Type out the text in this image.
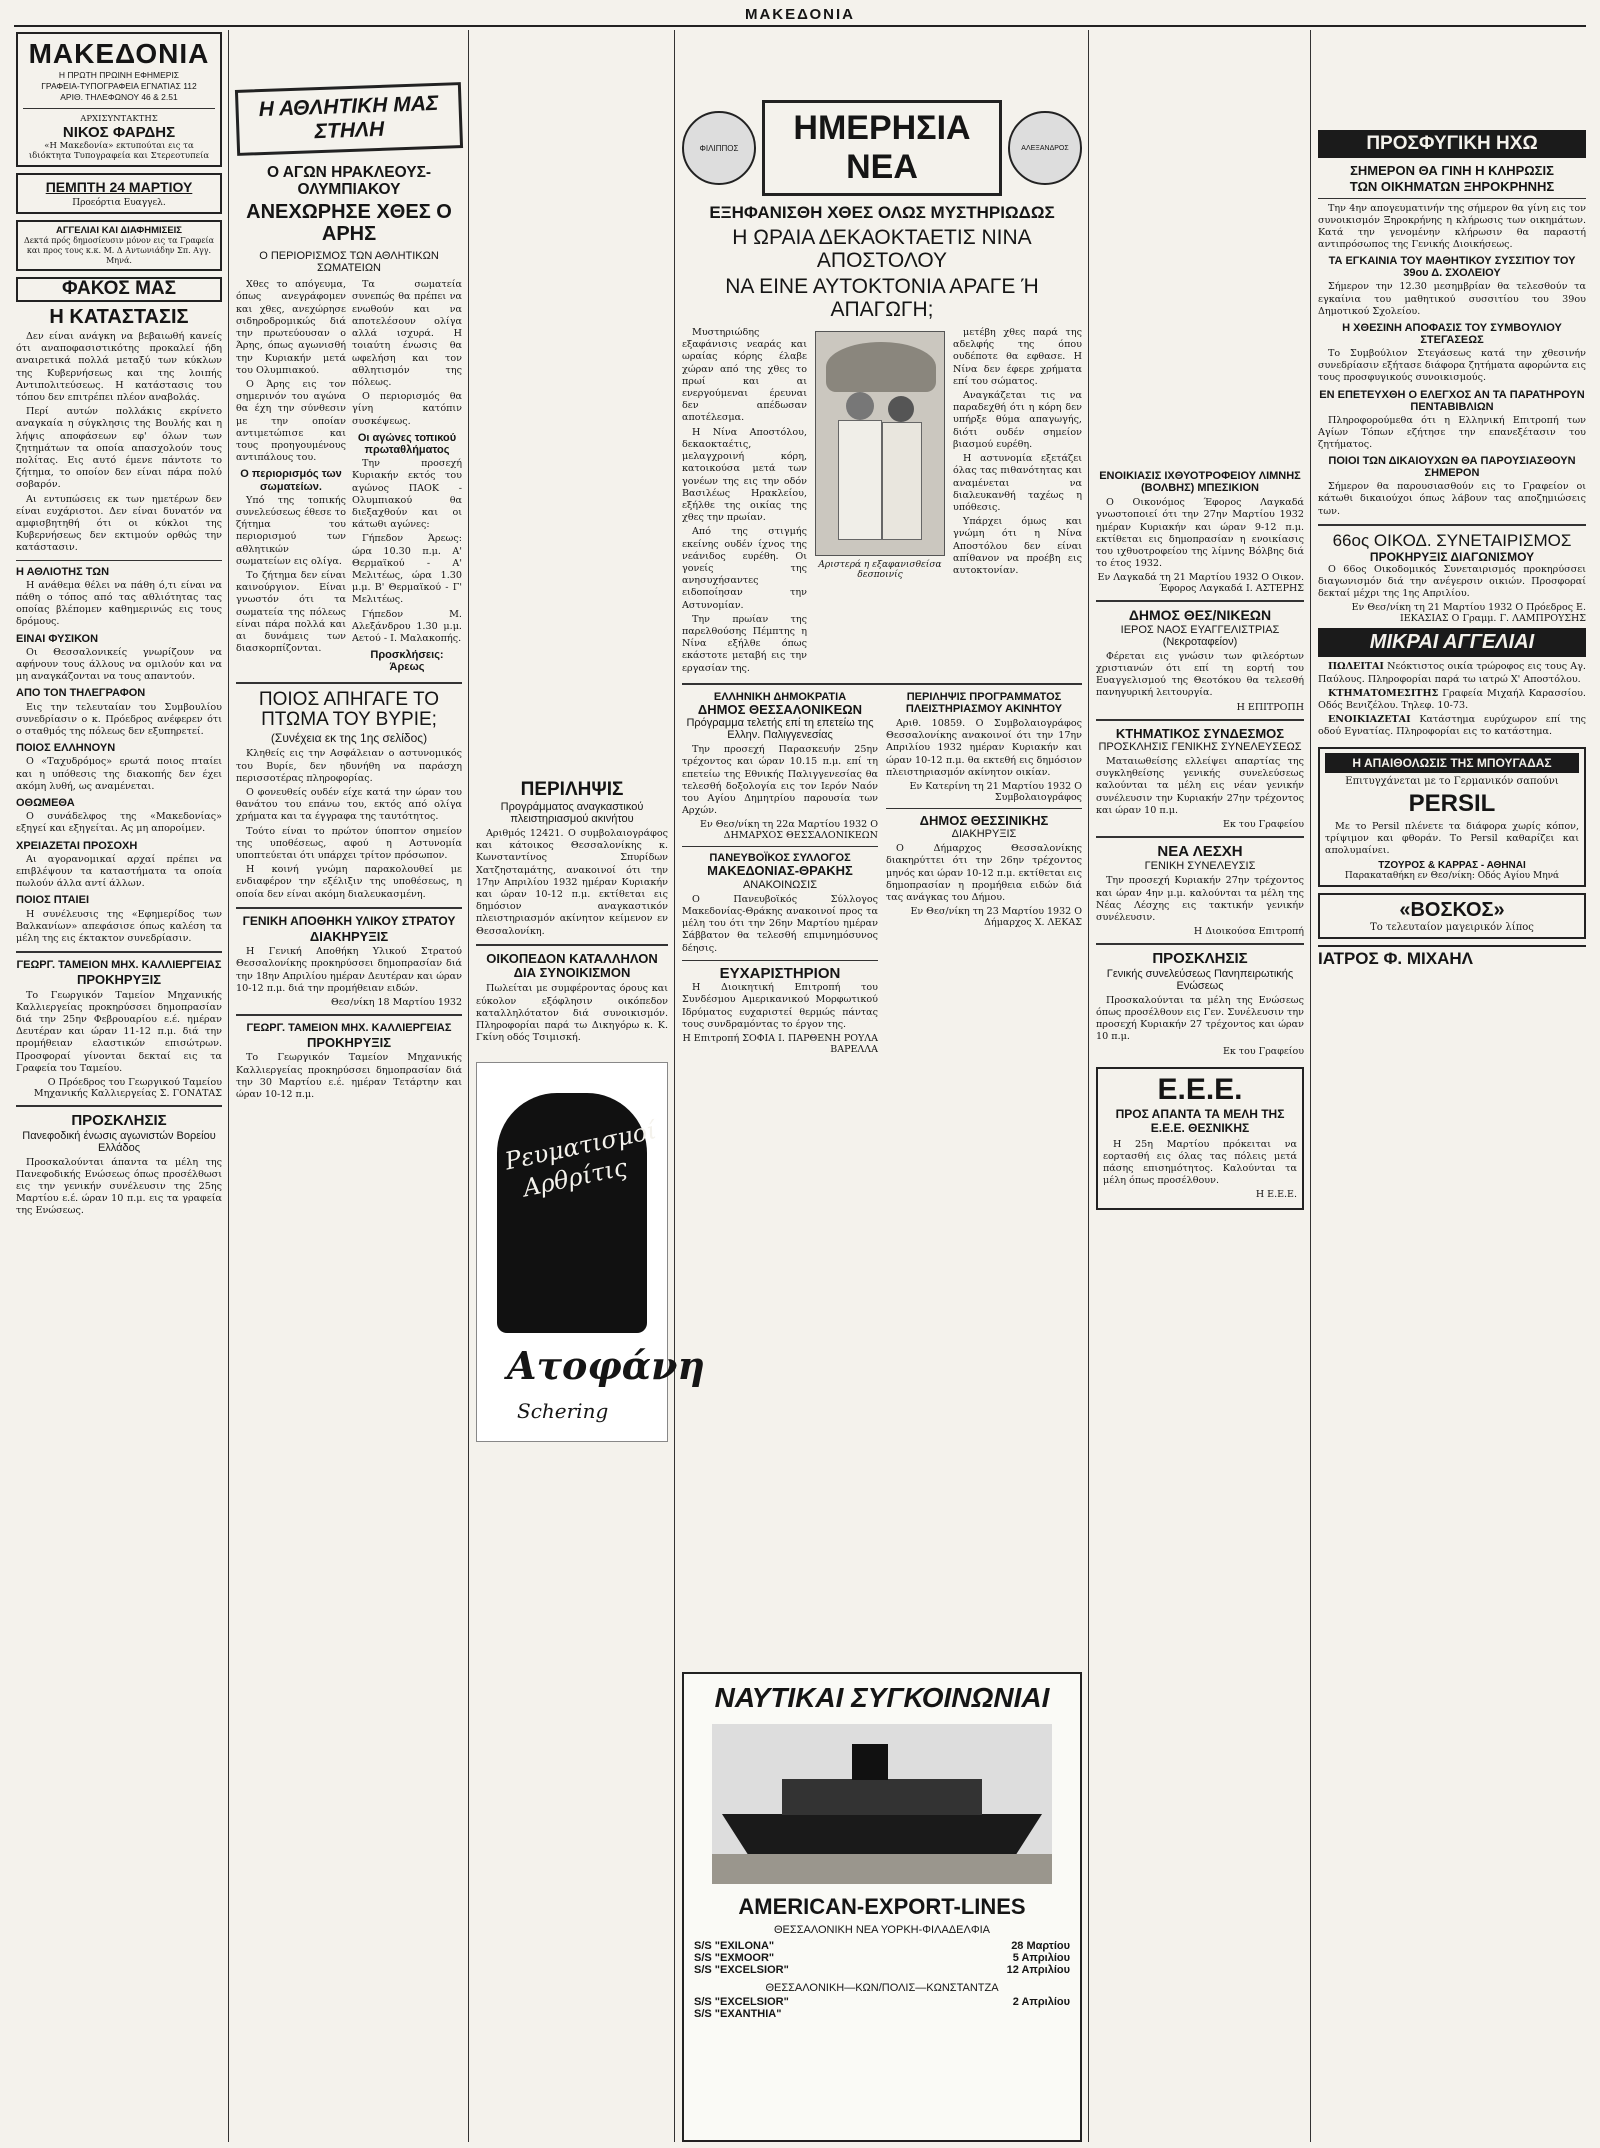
ΜΑΚΕΔΟΝΙΑ
ΜΑΚΕΔΟΝΙΑ
Η ΠΡΩΤΗ ΠΡΩΙΝΗ ΕΦΗΜΕΡΙΣ
ΓΡΑΦΕΙΑ-ΤΥΠΟΓΡΑΦΕΙΑ ΕΓΝΑΤΙΑΣ 112
ΑΡΙΘ. ΤΗΛΕΦΩΝΟΥ 46 & 2.51
ΑΡΧΙΣΥΝΤΑΚΤΗΣ
ΝΙΚΟΣ ΦΑΡΔΗΣ
«Η Μακεδονία» εκτυπούται εις τα ιδιόκτητα Τυπογραφεία και Στερεοτυπεία
ΠΕΜΠΤΗ 24 ΜΑΡΤΙΟΥ
Προεόρτια Ευαγγελ.
ΑΓΓΕΛΙΑΙ ΚΑΙ ΔΙΑΦΗΜΙΣΕΙΣ
Δεκτά πρός δημοσίευσιν μόνον εις τα Γραφεία και προς τους κ.κ. Μ. Δ Αντωνιάδην Σπ. Αγγ. Μηνά.
ΦΑΚΟΣ ΜΑΣ
Η ΚΑΤΑΣΤΑΣΙΣ

Δεν είναι ανάγκη να βεβαιωθή κανείς ότι αναποφασιστικότης προκαλεί ήδη αναιρετικά πολλά μεταξύ των κύκλων της Κυβερνήσεως και της λοιπής Αντιπολιτεύσεως. Η κατάστασις του τόπου δεν επιτρέπει πλέον αναβολάς.

Περί αυτών πολλάκις εκρίνετο αναγκαία η σύγκλησις της Βουλής και η λήψις αποφάσεων εφ' όλων των ζητημάτων τα οποία απασχολούν τους πολίτας. Εις αυτό έμενε πάντοτε το ζήτημα, το οποίον δεν είναι πάρα πολύ σοβαρόν.

Αι εντυπώσεις εκ των ημετέρων δεν είναι ευχάριστοι. Δεν είναι δυνατόν να αμφισβητηθή ότι οι κύκλοι της Κυβερνήσεως δεν εκτιμούν ορθώς την κατάστασιν.

Η ΑΘΛΙΟΤΗΣ ΤΩΝ

Η ανάθεμα θέλει να πάθη ό,τι είναι να πάθη ο τόπος από τας αθλιότητας τας οποίας βλέπομεν καθημερινώς εις τους δρόμους.

ΕΙΝΑΙ ΦΥΣΙΚΟΝ

Οι Θεσσαλονικείς γνωρίζουν να αφήνουν τους άλλους να ομιλούν και να μη αναγκάζονται να τους απαντούν.

ΑΠΟ ΤΟΝ ΤΗΛΕΓΡΑΦΟΝ

Εις την τελευταίαν του Συμβουλίου συνεδρίασιν ο κ. Πρόεδρος ανέφερεν ότι ο σταθμός της πόλεως δεν εξυπηρετεί.

ΠΟΙΟΣ ΕΛΛΗΝΟΥΝ

Ο «Ταχυδρόμος» ερωτά ποιος πταίει και η υπόθεσις της διακοπής δεν έχει ακόμη λυθή, ως αναμένεται.

ΟΘΩΜΕΘΑ

Ο συνάδελφος της «Μακεδονίας» εξηγεί και εξηγείται. Ας μη αποροίμεν.

ΧΡΕΙΑΖΕΤΑΙ ΠΡΟΣΟΧΗ

Αι αγορανομικαί αρχαί πρέπει να επιβλέψουν τα καταστήματα τα οποία πωλούν άλλα αντί άλλων.

ΠΟΙΟΣ ΠΤΑΙΕΙ

Η συνέλευσις της «Εφημερίδος των Βαλκανίων» απεφάσισε όπως καλέση τα μέλη της εις έκτακτον συνεδρίασιν.

ΓΕΩΡΓ. ΤΑΜΕΙΟΝ ΜΗΧ. ΚΑΛΛΙΕΡΓΕΙΑΣ
ΠΡΟΚΗΡΥΞΙΣ

Το Γεωργικόν Ταμείον Μηχανικής Καλλιεργείας προκηρύσσει δημοπρασίαν διά την 25ην Φεβρουαρίου ε.έ. ημέραν Δευτέραν και ώραν 11-12 π.μ. διά την προμήθειαν ελαστικών επισώτρων. Προσφοραί γίνονται δεκταί εις τα Γραφεία του Ταμείου.

Ο Πρόεδρος του Γεωργικού Ταμείου Μηχανικής Καλλιεργείας Σ. ΓΟΝΑΤΑΣ
ΠΡΟΣΚΛΗΣΙΣ
Πανεφοδική ένωσις αγωνιστών Βορείου Ελλάδος

Προσκαλούνται άπαντα τα μέλη της Πανεφοδικής Ενώσεως όπως προσέλθωσι εις την γενικήν συνέλευσιν της 25ης Μαρτίου ε.έ. ώραν 10 π.μ. εις τα γραφεία της Ενώσεως.

Η ΑΘΛΗΤΙΚΗ ΜΑΣ ΣΤΗΛΗ
Ο ΑΓΩΝ ΗΡΑΚΛΕΟΥΣ-ΟΛΥΜΠΙΑΚΟΥ
ΑΝΕΧΩΡΗΣΕ ΧΘΕΣ Ο ΑΡΗΣ
Ο ΠΕΡΙΟΡΙΣΜΟΣ ΤΩΝ ΑΘΛΗΤΙΚΩΝ ΣΩΜΑΤΕΙΩΝ

Χθες το απόγευμα, όπως ανεγράφομεν και χθες, ανεχώρησε σιδηροδρομικώς διά την πρωτεύουσαν ο Άρης, όπως αγωνισθή την Κυριακήν μετά του Ολυμπιακού.

Ο Άρης εις τον σημερινόν του αγώνα θα έχη την σύνθεσιν με την οποίαν αντιμετώπισε και τους προηγουμένους αντιπάλους του.

Ο περιορισμός των σωματείων.

Υπό της τοπικής συνελεύσεως έθεσε το ζήτημα του περιορισμού των αθλητικών σωματείων εις ολίγα.

Το ζήτημα δεν είναι καινούργιον. Είναι γνωστόν ότι τα σωματεία της πόλεως είναι πάρα πολλά και αι δυνάμεις των διασκορπίζονται.

Τα σωματεία συνεπώς θα πρέπει να ενωθούν και να αποτελέσουν ολίγα αλλά ισχυρά. Η τοιαύτη ένωσις θα ωφελήση και τον αθλητισμόν της πόλεως.

Ο περιορισμός θα γίνη κατόπιν συσκέψεως.

Οι αγώνες τοπικού πρωταθλήματος

Την προσεχή Κυριακήν εκτός του αγώνος ΠΑΟΚ - Ολυμπιακού θα διεξαχθούν και οι κάτωθι αγώνες:

Γήπεδον Άρεως: ώρα 10.30 π.μ. Α' Θερμαϊκού - Α' Μελιτέως, ώρα 1.30 μ.μ. Β' Θερμαϊκού - Γ' Μελιτέως.

Γήπεδον Μ. Αλεξάνδρου 1.30 μ.μ. Αετού - Ι. Μαλακοπής.

Προσκλήσεις: Άρεως
ΠΟΙΟΣ ΑΠΗΓΑΓΕ ΤΟ ΠΤΩΜΑ ΤΟΥ ΒΥΡΙΕ;
(Συνέχεια εκ της 1ης σελίδος)

Κληθείς εις την Ασφάλειαν ο αστυνομικός του Βυρίε, δεν ηδυνήθη να παράσχη περισσοτέρας πληροφορίας.

Ο φονευθείς ουδέν είχε κατά την ώραν του θανάτου του επάνω του, εκτός από ολίγα χρήματα και τα έγγραφα της ταυτότητος.

Τούτο είναι το πρώτον ύποπτον σημείον της υποθέσεως, αφού η Αστυνομία υποπτεύεται ότι υπάρχει τρίτον πρόσωπον.

Η κοινή γνώμη παρακολουθεί με ενδιαφέρον την εξέλιξιν της υποθέσεως, η οποία δεν είναι ακόμη διαλευκασμένη.

ΓΕΝΙΚΗ ΑΠΟΘΗΚΗ ΥΛΙΚΟΥ ΣΤΡΑΤΟΥ
ΔΙΑΚΗΡΥΞΙΣ

Η Γενική Αποθήκη Υλικού Στρατού Θεσσαλονίκης προκηρύσσει δημοπρασίαν διά την 18ην Απριλίου ημέραν Δευτέραν και ώραν 10-12 π.μ. διά την προμήθειαν ειδών.

Θεσ/νίκη 18 Μαρτίου 1932
ΓΕΩΡΓ. ΤΑΜΕΙΟΝ ΜΗΧ. ΚΑΛΛΙΕΡΓΕΙΑΣ
ΠΡΟΚΗΡΥΞΙΣ

Το Γεωργικόν Ταμείον Μηχανικής Καλλιεργείας προκηρύσσει δημοπρασίαν διά την 30 Μαρτίου ε.έ. ημέραν Τετάρτην και ώραν 10-12 π.μ.

ΠΕΡΙΛΗΨΙΣ
Προγράμματος αναγκαστικού πλειστηριασμού ακινήτου

Αριθμός 12421. Ο συμβολαιογράφος και κάτοικος Θεσσαλονίκης κ. Κωνσταντίνος Σπυρίδων Χατζησταμάτης, ανακοινοί ότι την 17ην Απριλίου 1932 ημέραν Κυριακήν και ώραν 10-12 π.μ. εκτίθεται εις δημόσιον αναγκαστικόν πλειστηριασμόν ακίνητον κείμενον εν Θεσσαλονίκη.

ΟΙΚΟΠΕΔΟΝ ΚΑΤΑΛΛΗΛΟΝ ΔΙΑ ΣΥΝΟΙΚΙΣΜΟΝ

Πωλείται με συμφέροντας όρους και εύκολον εξόφλησιν οικόπεδον καταλληλότατον διά συνοικισμόν. Πληροφορίαι παρά τω Δικηγόρω κ. Κ. Γκίνη οδός Τσιμισκή.

Ρευματισμοί Αρθρίτις
Ατοφάνη
Schering
ΦΙΛΙΠΠΟΣ
ΗΜΕΡΗΣΙΑ ΝΕΑ	ΑΛΕΞΑΝΔΡΟΣ
ΕΞΗΦΑΝΙΣΘΗ ΧΘΕΣ ΟΛΩΣ ΜΥΣΤΗΡΙΩΔΩΣ
Η ΩΡΑΙΑ ΔΕΚΑΟΚΤΑΕΤΙΣ ΝΙΝΑ ΑΠΟΣΤΟΛΟΥ
ΝΑ ΕΙΝΕ ΑΥΤΟΚΤΟΝΙΑ ΑΡΑΓΕ Ή ΑΠΑΓΩΓΗ;

Μυστηριώδης εξαφάνισις νεαράς και ωραίας κόρης έλαβε χώραν από της χθες το πρωί και αι ενεργούμεναι έρευναι δεν απέδωσαν αποτέλεσμα.

Η Νίνα Αποστόλου, δεκαοκταέτις, μελαγχροινή κόρη, κατοικούσα μετά των γονέων της εις την οδόν Βασιλέως Ηρακλείου, εξήλθε της οικίας της χθες την πρωίαν.

Από της στιγμής εκείνης ουδέν ίχνος της νεάνιδος ευρέθη. Οι γονείς της ανησυχήσαντες ειδοποίησαν την Αστυνομίαν.

Την πρωίαν της παρελθούσης Πέμπτης η Νίνα εξήλθε όπως εκάστοτε μεταβή εις την εργασίαν της.

Αριστερά η εξαφανισθείσα δεσποινίς

μετέβη χθες παρά της αδελφής της όπου ουδέποτε θα εφθασε. Η Νίνα δεν έφερε χρήματα επί του σώματος.

Αναγκάζεται τις να παραδεχθή ότι η κόρη δεν υπήρξε θύμα απαγωγής, διότι ουδέν σημείον βιασμού ευρέθη.

Η αστυνομία εξετάζει όλας τας πιθανότητας και αναμένεται να διαλευκανθή ταχέως η υπόθεσις.

Υπάρχει όμως και γνώμη ότι η Νίνα Αποστόλου δεν είναι απίθανον να προέβη εις αυτοκτονίαν.

ΕΛΛΗΝΙΚΗ ΔΗΜΟΚΡΑΤΙΑ
ΔΗΜΟΣ ΘΕΣΣΑΛΟΝΙΚΕΩΝ
Πρόγραμμα τελετής επί τη επετείω της Ελλην. Παλιγγενεσίας

Την προσεχή Παρασκευήν 25ην τρέχοντος και ώραν 10.15 π.μ. επί τη επετείω της Εθνικής Παλιγγενεσίας θα τελεσθή δοξολογία εις τον Ιερόν Ναόν του Αγίου Δημητρίου παρουσία των Αρχών.

Εν Θεσ/νίκη τη 22α Μαρτίου 1932 Ο ΔΗΜΑΡΧΟΣ ΘΕΣΣΑΛΟΝΙΚΕΩΝ
ΠΑΝΕΥΒΟΪΚΟΣ ΣΥΛΛΟΓΟΣ
ΜΑΚΕΔΟΝΙΑΣ-ΘΡΑΚΗΣ
ΑΝΑΚΟΙΝΩΣΙΣ

Ο Πανευβοϊκός Σύλλογος Μακεδονίας-Θράκης ανακοινοί προς τα μέλη του ότι την 26ην Μαρτίου ημέραν Σάββατον θα τελεσθή επιμνημόσυνος δέησις.

ΕΥΧΑΡΙΣΤΗΡΙΟΝ

Η Διοικητική Επιτροπή του Συνδέσμου Αμερικανικού Μορφωτικού Ιδρύματος ευχαριστεί θερμώς πάντας τους συνδραμόντας το έργον της.

Η Επιτροπή ΣΟΦΙΑ Ι. ΠΑΡΘΕΝΗ ΡΟΥΛΑ ΒΑΡΕΛΛΑ
ΠΕΡΙΛΗΨΙΣ ΠΡΟΓΡΑΜΜΑΤΟΣ ΠΛΕΙΣΤΗΡΙΑΣΜΟΥ ΑΚΙΝΗΤΟΥ

Αριθ. 10859. Ο Συμβολαιογράφος Θεσσαλονίκης ανακοινοί ότι την 17ην Απριλίου 1932 ημέραν Κυριακήν και ώραν 10-12 π.μ. θα εκτεθή εις δημόσιον πλειστηριασμόν ακίνητον οικίαν.

Εν Κατερίνη τη 21 Μαρτίου 1932 Ο Συμβολαιογράφος
ΔΗΜΟΣ ΘΕΣΣΙΝΙΚΗΣ
ΔΙΑΚΗΡΥΞΙΣ

Ο Δήμαρχος Θεσσαλονίκης διακηρύττει ότι την 26ην τρέχοντος μηνός και ώραν 10-12 π.μ. εκτίθεται εις δημοπρασίαν η προμήθεια ειδών διά τας ανάγκας του Δήμου.

Εν Θεσ/νίκη τη 23 Μαρτίου 1932 Ο Δήμαρχος Χ. ΛΕΚΑΣ
ΝΑΥΤΙΚΑΙ ΣΥΓΚΟΙΝΩΝΙΑΙ
AMERICAN-EXPORT-LINES
ΘΕΣΣΑΛΟΝΙΚΗ ΝΕΑ ΥΟΡΚΗ-ΦΙΛΑΔΕΛΦΙΑ
S/S "EXILONA"	28 Μαρτίου
S/S "EXMOOR"	5 Απριλίου
S/S "EXCELSIOR"	12 Απριλίου
ΘΕΣΣΑΛΟΝΙΚΗ—ΚΩΝ/ΠΟΛΙΣ—ΚΩΝΣΤΑΝΤΖΑ
S/S "EXCELSIOR"	2 Απριλίου
S/S "EXANTHIA"
ΕΝΟΙΚΙΑΣΙΣ ΙΧΘΥΟΤΡΟΦΕΙΟΥ ΛΙΜΝΗΣ (ΒΟΛΒΗΣ) ΜΠΕΣΙΚΙΟΝ

Ο Οικονόμος Έφορος Λαγκαδά γνωστοποιεί ότι την 27ην Μαρτίου 1932 ημέραν Κυριακήν και ώραν 9-12 π.μ. εκτίθεται εις δημοπρασίαν η ενοικίασις του ιχθυοτροφείου της λίμνης Βόλβης διά το έτος 1932.

Εν Λαγκαδά τη 21 Μαρτίου 1932 Ο Οικον. Έφορος Λαγκαδά Ι. ΑΣΤΕΡΗΣ
ΔΗΜΟΣ ΘΕΣ/ΝΙΚΕΩΝ
ΙΕΡΟΣ ΝΑΟΣ ΕΥΑΓΓΕΛΙΣΤΡΙΑΣ (Νεκροταφείον)

Φέρεται εις γνώσιν των φιλεόρτων χριστιανών ότι επί τη εορτή του Ευαγγελισμού της Θεοτόκου θα τελεσθή πανηγυρική λειτουργία.

Η ΕΠΙΤΡΟΠΗ
ΚΤΗΜΑΤΙΚΟΣ ΣΥΝΔΕΣΜΟΣ
ΠΡΟΣΚΛΗΣΙΣ ΓΕΝΙΚΗΣ ΣΥΝΕΛΕΥΣΕΩΣ

Ματαιωθείσης ελλείψει απαρτίας της συγκληθείσης γενικής συνελεύσεως καλούνται τα μέλη εις νέαν γενικήν συνέλευσιν την Κυριακήν 27ην τρέχοντος και ώραν 10 π.μ.

Εκ του Γραφείου
ΝΕΑ ΛΕΣΧΗ
ΓΕΝΙΚΗ ΣΥΝΕΛΕΥΣΙΣ

Την προσεχή Κυριακήν 27ην τρέχοντος και ώραν 4ην μ.μ. καλούνται τα μέλη της Νέας Λέσχης εις τακτικήν γενικήν συνέλευσιν.

Η Διοικούσα Επιτροπή
ΠΡΟΣΚΛΗΣΙΣ
Γενικής συνελεύσεως Πανηπειρωτικής Ενώσεως

Προσκαλούνται τα μέλη της Ενώσεως όπως προσέλθουν εις Γεν. Συνέλευσιν την προσεχή Κυριακήν 27 τρέχοντος και ώραν 10 π.μ.

Εκ του Γραφείου
Ε.Ε.Ε.
ΠΡΟΣ ΑΠΑΝΤΑ ΤΑ ΜΕΛΗ ΤΗΣ Ε.Ε.Ε. ΘΕΣΝΙΚΗΣ

Η 25η Μαρτίου πρόκειται να εορτασθή εις όλας τας πόλεις μετά πάσης επισημότητος. Καλούνται τα μέλη όπως προσέλθουν.

Η Ε.Ε.Ε.
ΠΡΟΣΦΥΓΙΚΗ ΗΧΩ
ΣΗΜΕΡΟΝ ΘΑ ΓΙΝΗ Η ΚΛΗΡΩΣΙΣ
ΤΩΝ ΟΙΚΗΜΑΤΩΝ ΞΗΡΟΚΡΗΝΗΣ

Την 4ην απογευματινήν της σήμερον θα γίνη εις τον συνοικισμόν Ξηροκρήνης η κλήρωσις των οικημάτων. Κατά την γενομένην κλήρωσιν θα παραστή αντιπρόσωπος της Γενικής Διοικήσεως.

ΤΑ ΕΓΚΑΙΝΙΑ ΤΟΥ ΜΑΘΗΤΙΚΟΥ ΣΥΣΣΙΤΙΟΥ ΤΟΥ 39ου Δ. ΣΧΟΛΕΙΟΥ

Σήμερον την 12.30 μεσημβρίαν θα τελεσθούν τα εγκαίνια του μαθητικού συσσιτίου του 39ου Δημοτικού Σχολείου.

Η ΧΘΕΣΙΝΗ ΑΠΟΦΑΣΙΣ ΤΟΥ ΣΥΜΒΟΥΛΙΟΥ ΣΤΕΓΑΣΕΩΣ

Το Συμβούλιον Στεγάσεως κατά την χθεσινήν συνεδρίασιν εξήτασε διάφορα ζητήματα αφορώντα εις τους προσφυγικούς συνοικισμούς.

ΕΝ ΕΠΕΤΕΥΧΘΗ Ο ΕΛΕΓΧΟΣ ΑΝ ΤΑ ΠΑΡΑΤΗΡΟΥΝ ΠΕΝΤΑΒΙΒΛΙΩΝ

Πληροφορούμεθα ότι η Ελληνική Επιτροπή των Αγίων Τόπων εζήτησε την επανεξέτασιν του ζητήματος.

ΠΟΙΟΙ ΤΩΝ ΔΙΚΑΙΟΥΧΩΝ ΘΑ ΠΑΡΟΥΣΙΑΣΘΟΥΝ ΣΗΜΕΡΟΝ

Σήμερον θα παρουσιασθούν εις το Γραφείον οι κάτωθι δικαιούχοι όπως λάβουν τας αποζημιώσεις των.

66ος ΟΙΚΟΔ. ΣΥΝΕΤΑΙΡΙΣΜΟΣ
ΠΡΟΚΗΡΥΞΙΣ ΔΙΑΓΩΝΙΣΜΟΥ

Ο 66ος Οικοδομικός Συνεταιρισμός προκηρύσσει διαγωνισμόν διά την ανέγερσιν οικιών. Προσφοραί δεκταί μέχρι της 1ης Απριλίου.

Εν Θεσ/νίκη τη 21 Μαρτίου 1932 Ο Πρόεδρος Ε. ΙΕΚΑΣΙΑΣ Ο Γραμμ. Γ. ΛΑΜΠΡΟΥΣΗΣ
ΜΙΚΡΑΙ ΑΓΓΕΛΙΑΙ

ΠΩΛΕΙΤΑΙ Νεόκτιστος οικία τρώροφος εις τους Αγ. Παύλους. Πληροφορίαι παρά τω ιατρώ Χ' Αποστόλου.

ΚΤΗΜΑΤΟΜΕΣΙΤΗΣ Γραφεία Μιχαήλ Καρασσίου. Οδός Βενιζέλου. Τηλεφ. 10-73.

ΕΝΟΙΚΙΑΖΕΤΑΙ Κατάστημα ευρύχωρον επί της οδού Εγνατίας. Πληροφορίαι εις το κατάστημα.

Η ΑΠΑΙΘΟΛΩΣΙΣ ΤΗΣ ΜΠΟΥΓΑΔΑΣ
Επιτυγχάνεται με το Γερμανικόν σαπούνι
PERSIL

Με το Persil πλένετε τα διάφορα χωρίς κόπον, τρίψιμον και φθοράν. Το Persil καθαρίζει και απολυμαίνει.

ΤΖΟΥΡΟΣ & ΚΑΡΡΑΣ - ΑΘΗΝΑΙ
Παρακαταθήκη εν Θεσ/νίκη: Οδός Αγίου Μηνά
«ΒΟΣΚΟΣ»
Το τελευταίον μαγειρικόν λίπος
ΙΑΤΡΟΣ Φ. ΜΙΧΑΗΛ
